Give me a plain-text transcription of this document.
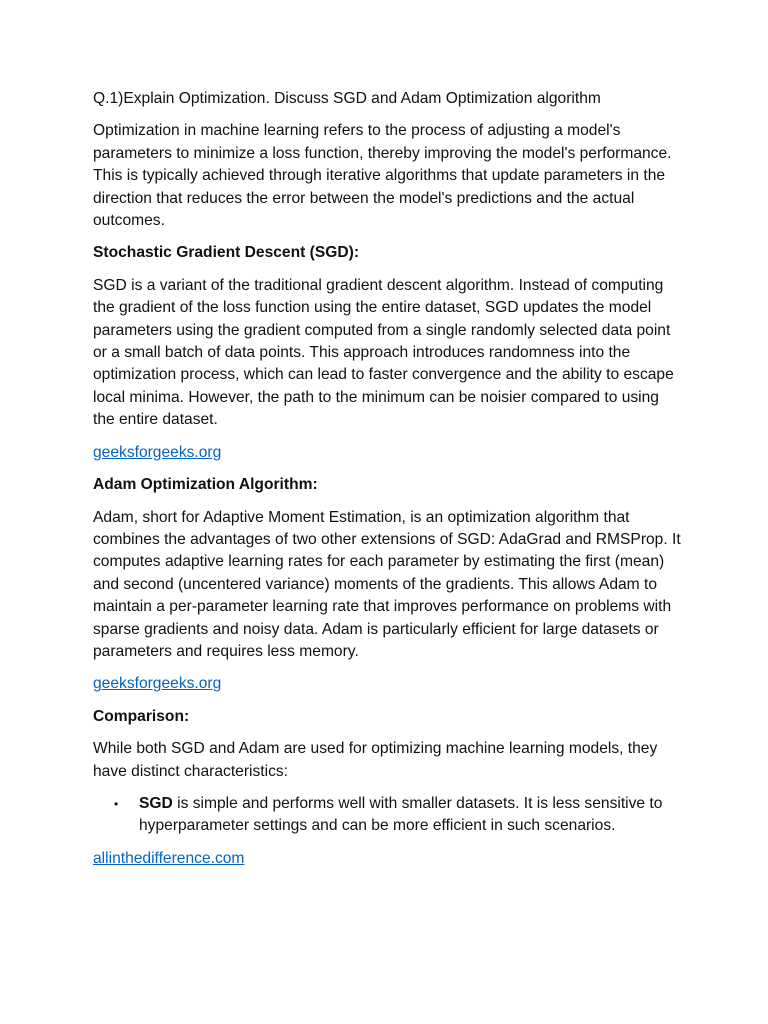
Q.1)Explain Optimization. Discuss SGD and Adam Optimization algorithm

Optimization in machine learning refers to the process of adjusting a model's parameters to minimize a loss function, thereby improving the model's performance. This is typically achieved through iterative algorithms that update parameters in the direction that reduces the error between the model's predictions and the actual outcomes.

Stochastic Gradient Descent (SGD):

SGD is a variant of the traditional gradient descent algorithm. Instead of computing the gradient of the loss function using the entire dataset, SGD updates the model parameters using the gradient computed from a single randomly selected data point or a small batch of data points. This approach introduces randomness into the optimization process, which can lead to faster convergence and the ability to escape local minima. However, the path to the minimum can be noisier compared to using the entire dataset.

geeksforgeeks.org

Adam Optimization Algorithm:

Adam, short for Adaptive Moment Estimation, is an optimization algorithm that combines the advantages of two other extensions of SGD: AdaGrad and RMSProp. It computes adaptive learning rates for each parameter by estimating the first (mean) and second (uncentered variance) moments of the gradients. This allows Adam to maintain a per-parameter learning rate that improves performance on problems with sparse gradients and noisy data. Adam is particularly efficient for large datasets or parameters and requires less memory.

geeksforgeeks.org

Comparison:

While both SGD and Adam are used for optimizing machine learning models, they have distinct characteristics:

• SGD is simple and performs well with smaller datasets. It is less sensitive to hyperparameter settings and can be more efficient in such scenarios.
allinthedifference.com
